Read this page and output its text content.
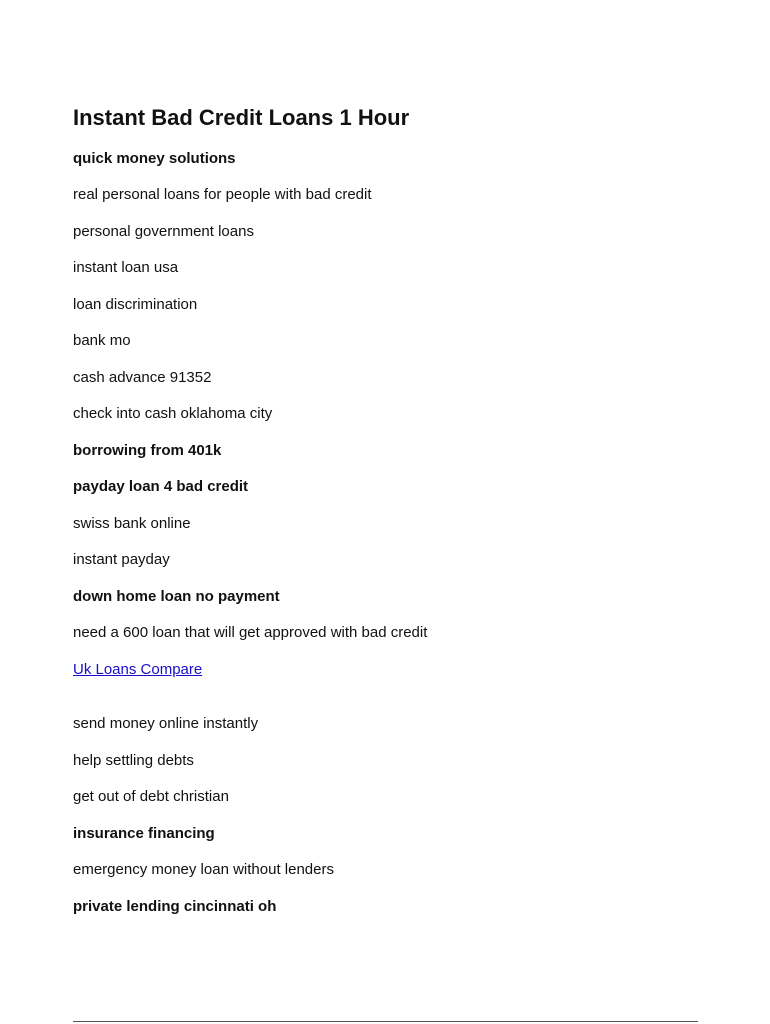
Instant Bad Credit Loans 1 Hour

quick money solutions

real personal loans for people with bad credit

personal government loans

instant loan usa

loan discrimination

bank mo

cash advance 91352

check into cash oklahoma city

borrowing from 401k

payday loan 4 bad credit

swiss bank online

instant payday

down home loan no payment

need a 600 loan that will get approved with bad credit

Uk Loans Compare

send money online instantly

help settling debts

get out of debt christian

insurance financing

emergency money loan without lenders

private lending cincinnati oh
